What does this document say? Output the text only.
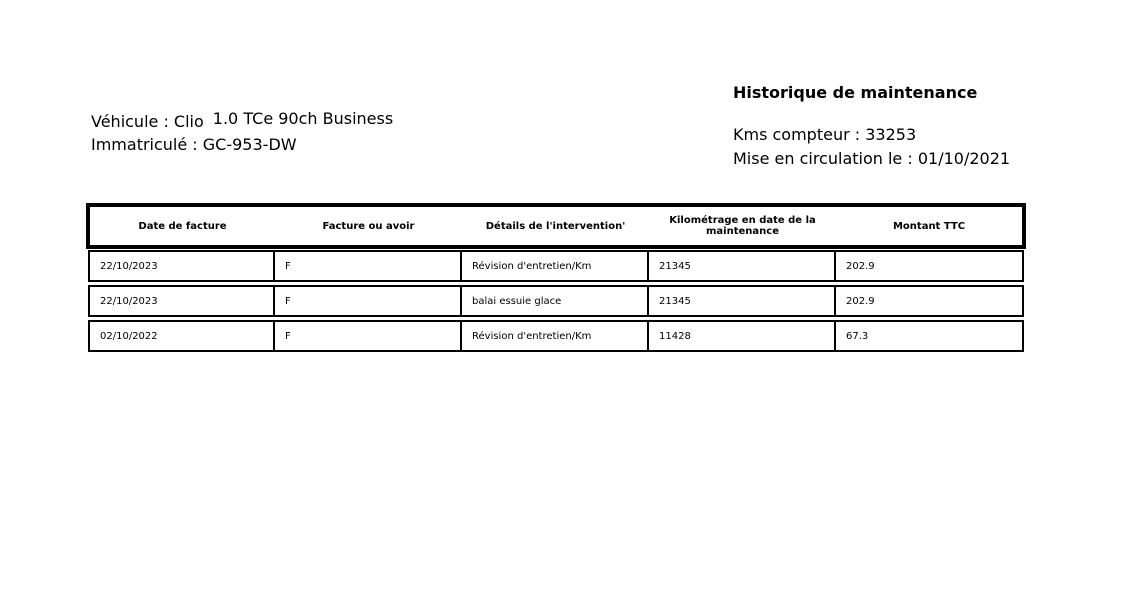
Véhicule : Clio 1.0 TCe 90ch Business
Immatriculé : GC-953-DW
Historique de maintenance
Kms compteur : 33253
Mise en circulation le : 01/10/2021
Date de facture	Facture ou avoir	Détails de l'intervention'	Kilométrage en date de la maintenance	Montant TTC

22/10/2023	F	Révision d'entretien/Km	21345	202.9

22/10/2023	F	balai essuie glace	21345	202.9

02/10/2022	F	Révision d'entretien/Km	11428	67.3
